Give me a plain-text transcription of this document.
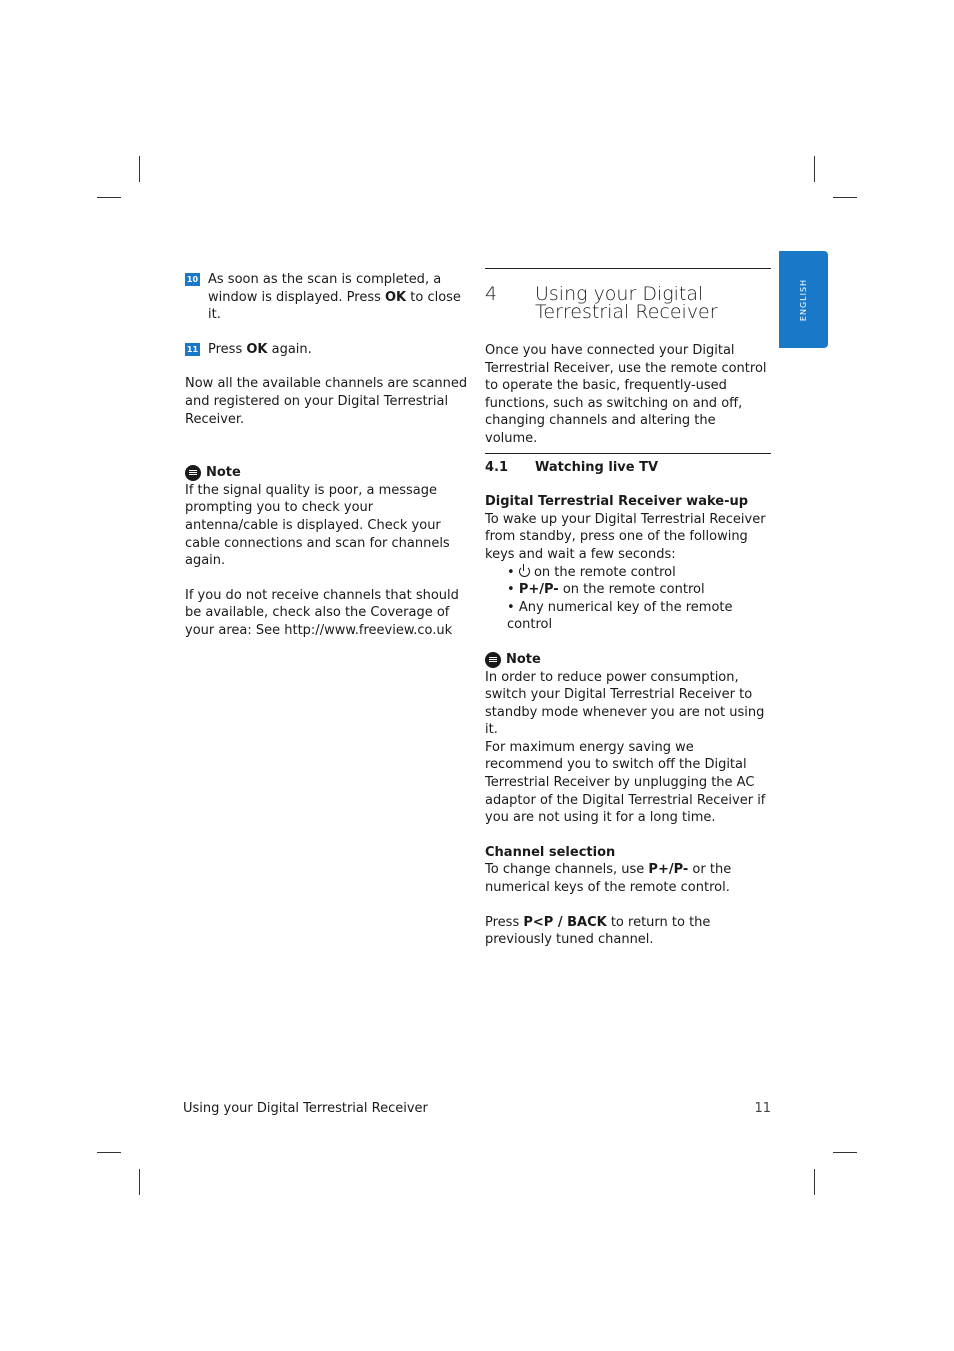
ENGLISH
10 As soon as the scan is completed, a window is displayed. Press OK to close it.

11 Press OK again.

Now all the available channels are scanned and registered on your Digital Terrestrial Receiver.

Note

If the signal quality is poor, a message prompting you to check your antenna/cable is displayed. Check your cable connections and scan for channels again.

If you do not receive channels that should be available, check also the Coverage of your area: See http://www.freeview.co.uk

4	Using your Digital Terrestrial Receiver

Once you have connected your Digital Terrestrial Receiver, use the remote control to operate the basic, frequently-used functions, such as switching on and off, changing channels and altering the volume.

4.1	Watching live TV

Digital Terrestrial Receiver wake-up

To wake up your Digital Terrestrial Receiver from standby, press one of the following keys and wait a few seconds:

• on the remote control
• P+/P- on the remote control
• Any numerical key of the remote control
Note

In order to reduce power consumption, switch your Digital Terrestrial Receiver to standby mode whenever you are not using it.

For maximum energy saving we recommend you to switch off the Digital Terrestrial Receiver by unplugging the AC adaptor of the Digital Terrestrial Receiver if you are not using it for a long time.

Channel selection

To change channels, use P+/P- or the numerical keys of the remote control.

Press P<P / BACK to return to the previously tuned channel.

Using your Digital Terrestrial Receiver	11
